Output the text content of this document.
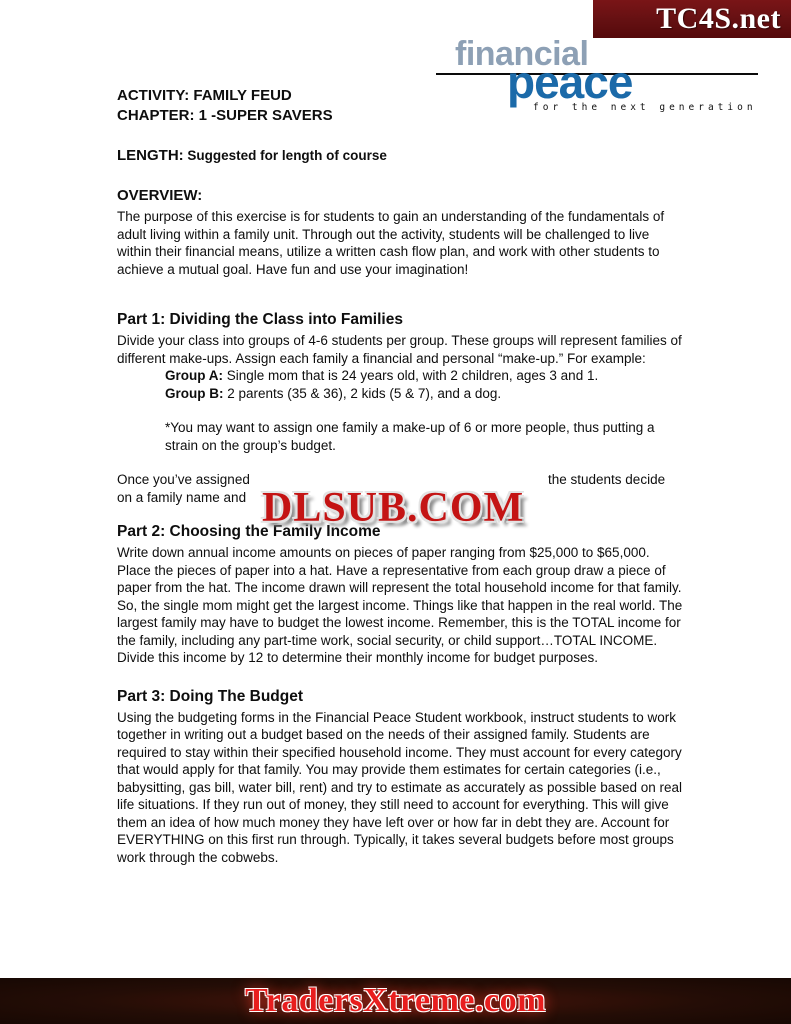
TC4S.net
financial
peace
for the next generation
ACTIVITY: FAMILY FEUD
CHAPTER: 1 -SUPER SAVERS
LENGTH: Suggested for length of course
OVERVIEW:
The purpose of this exercise is for students to gain an understanding of the fundamentals of adult living within a family unit. Through out the activity, students will be challenged to live within their financial means, utilize a written cash flow plan, and work with other students to achieve a mutual goal. Have fun and use your imagination!
Part 1: Dividing the Class into Families
Divide your class into groups of 4-6 students per group. These groups will represent families of different make-ups. Assign each family a financial and personal “make-up.” For example:
Group A: Single mom that is 24 years old, with 2 children, ages 3 and 1.
Group B: 2 parents (35 & 36), 2 kids (5 & 7), and a dog.
*You may want to assign one family a make-up of 6 or more people, thus putting a strain on the group’s budget.
Once you’ve assigned	the students decide
on a family name and
Part 2: Choosing the Family Income
Write down annual income amounts on pieces of paper ranging from $25,000 to $65,000. Place the pieces of paper into a hat. Have a representative from each group draw a piece of paper from the hat. The income drawn will represent the total household income for that family. So, the single mom might get the largest income. Things like that happen in the real world. The largest family may have to budget the lowest income. Remember, this is the TOTAL income for the family, including any part-time work, social security, or child support…TOTAL INCOME. Divide this income by 12 to determine their monthly income for budget purposes.
Part 3: Doing The Budget
Using the budgeting forms in the Financial Peace Student workbook, instruct students to work together in writing out a budget based on the needs of their assigned family. Students are required to stay within their specified household income. They must account for every category that would apply for that family. You may provide them estimates for certain categories (i.e., babysitting, gas bill, water bill, rent) and try to estimate as accurately as possible based on real life situations. If they run out of money, they still need to account for everything. This will give them an idea of how much money they have left over or how far in debt they are. Account for EVERYTHING on this first run through. Typically, it takes several budgets before most groups work through the cobwebs.
DLSUB.COM
TradersXtreme.com
